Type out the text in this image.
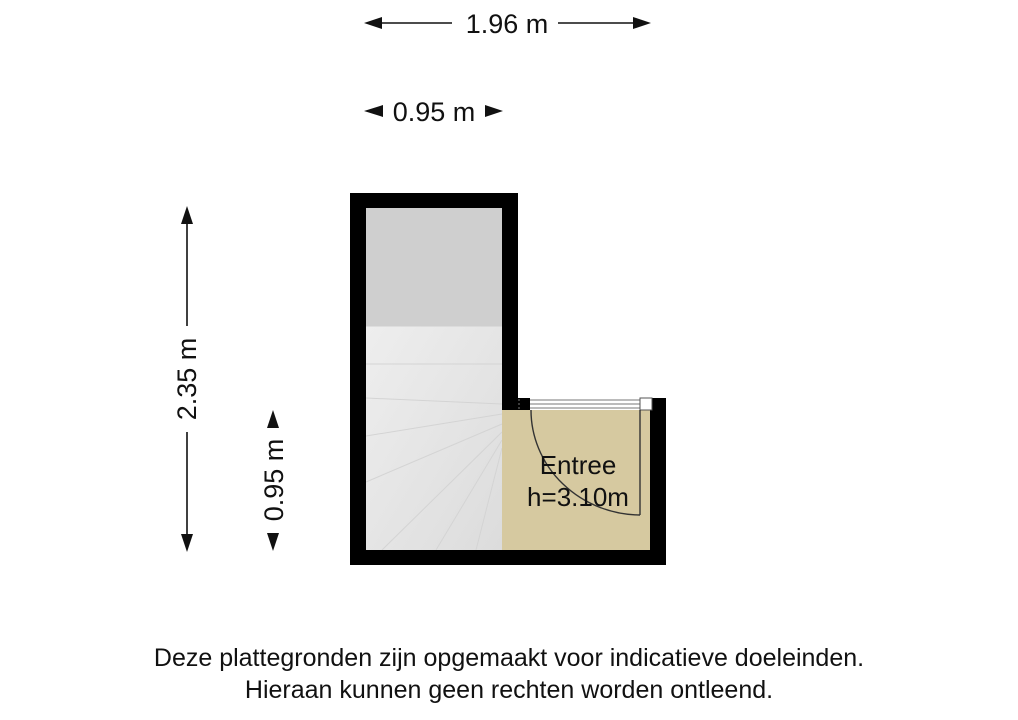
1.96 m
0.95 m
2.35 m
0.95 m	Entree
h=3.10m
Deze plattegronden zijn opgemaakt voor indicatieve doeleinden.
Hieraan kunnen geen rechten worden ontleend.
